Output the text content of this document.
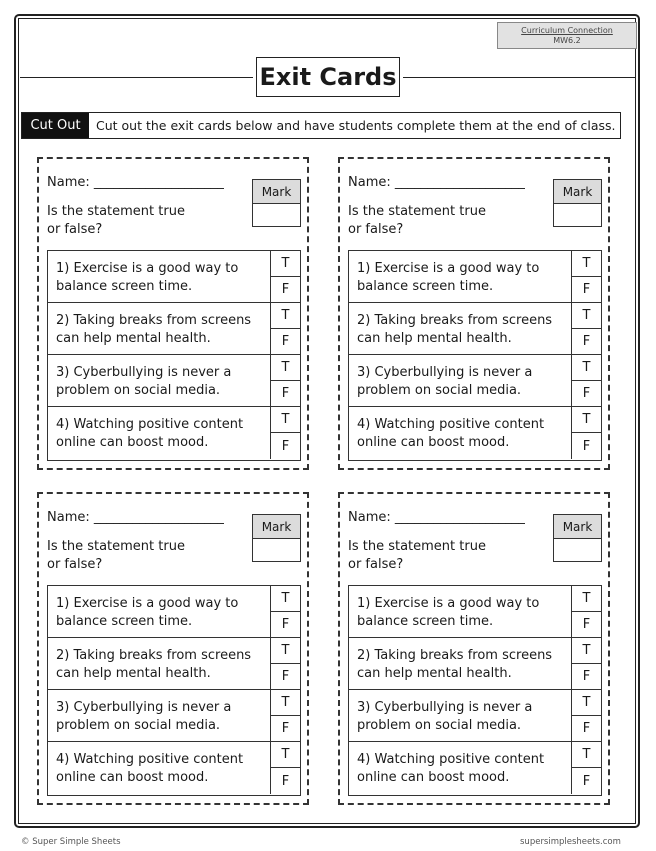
Curriculum Connection
MW6.2
Exit Cards
Cut Out	Cut out the exit cards below and have students complete them at the end of class.
Name: ____________________
Is the statement true
or false?
Mark
1) Exercise is a good way to
balance screen time.
T
F
2) Taking breaks from screens
can help mental health.
T
F
3) Cyberbullying is never a
problem on social media.
T
F
4) Watching positive content
online can boost mood.
T
F
Name: ____________________
Is the statement true
or false?
Mark
1) Exercise is a good way to
balance screen time.
T
F
2) Taking breaks from screens
can help mental health.
T
F
3) Cyberbullying is never a
problem on social media.
T
F
4) Watching positive content
online can boost mood.
T
F
Name: ____________________
Is the statement true
or false?
Mark
1) Exercise is a good way to
balance screen time.
T
F
2) Taking breaks from screens
can help mental health.
T
F
3) Cyberbullying is never a
problem on social media.
T
F
4) Watching positive content
online can boost mood.
T
F
Name: ____________________
Is the statement true
or false?
Mark
1) Exercise is a good way to
balance screen time.
T
F
2) Taking breaks from screens
can help mental health.
T
F
3) Cyberbullying is never a
problem on social media.
T
F
4) Watching positive content
online can boost mood.
T
F
© Super Simple Sheets	supersimplesheets.com
